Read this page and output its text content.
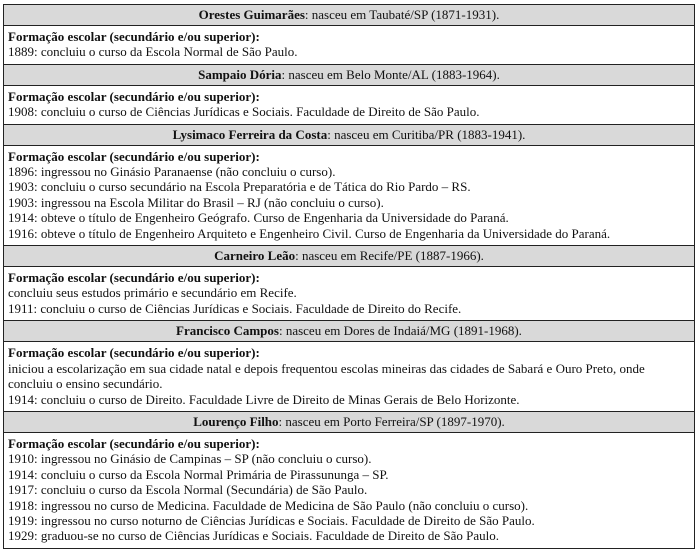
Orestes Guimarães: nasceu em Taubaté/SP (1871-1931).

Formação escolar (secundário e/ou superior):
1889: concluiu o curso da Escola Normal de São Paulo.

Sampaio Dória: nasceu em Belo Monte/AL (1883-1964).

Formação escolar (secundário e/ou superior):
1908: concluiu o curso de Ciências Jurídicas e Sociais. Faculdade de Direito de São Paulo.

Lysimaco Ferreira da Costa: nasceu em Curitiba/PR (1883-1941).

Formação escolar (secundário e/ou superior):
1896: ingressou no Ginásio Paranaense (não concluiu o curso).
1903: concluiu o curso secundário na Escola Preparatória e de Tática do Rio Pardo – RS.
1903: ingressou na Escola Militar do Brasil – RJ (não concluiu o curso).
1914: obteve o título de Engenheiro Geógrafo. Curso de Engenharia da Universidade do Paraná.
1916: obteve o título de Engenheiro Arquiteto e Engenheiro Civil. Curso de Engenharia da Universidade do Paraná.

Carneiro Leão: nasceu em Recife/PE (1887-1966).

Formação escolar (secundário e/ou superior):
concluiu seus estudos primário e secundário em Recife.
1911: concluiu o curso de Ciências Jurídicas e Sociais. Faculdade de Direito do Recife.

Francisco Campos: nasceu em Dores de Indaiá/MG (1891-1968).

Formação escolar (secundário e/ou superior):
iniciou a escolarização em sua cidade natal e depois frequentou escolas mineiras das cidades de Sabará e Ouro Preto, onde concluiu o ensino secundário.
1914: concluiu o curso de Direito. Faculdade Livre de Direito de Minas Gerais de Belo Horizonte.

Lourenço Filho: nasceu em Porto Ferreira/SP (1897-1970).

Formação escolar (secundário e/ou superior):
1910: ingressou no Ginásio de Campinas – SP (não concluiu o curso).
1914: concluiu o curso da Escola Normal Primária de Pirassununga – SP.
1917: concluiu o curso da Escola Normal (Secundária) de São Paulo.
1918: ingressou no curso de Medicina. Faculdade de Medicina de São Paulo (não concluiu o curso).
1919: ingressou no curso noturno de Ciências Jurídicas e Sociais. Faculdade de Direito de São Paulo.
1929: graduou-se no curso de Ciências Jurídicas e Sociais. Faculdade de Direito de São Paulo.
